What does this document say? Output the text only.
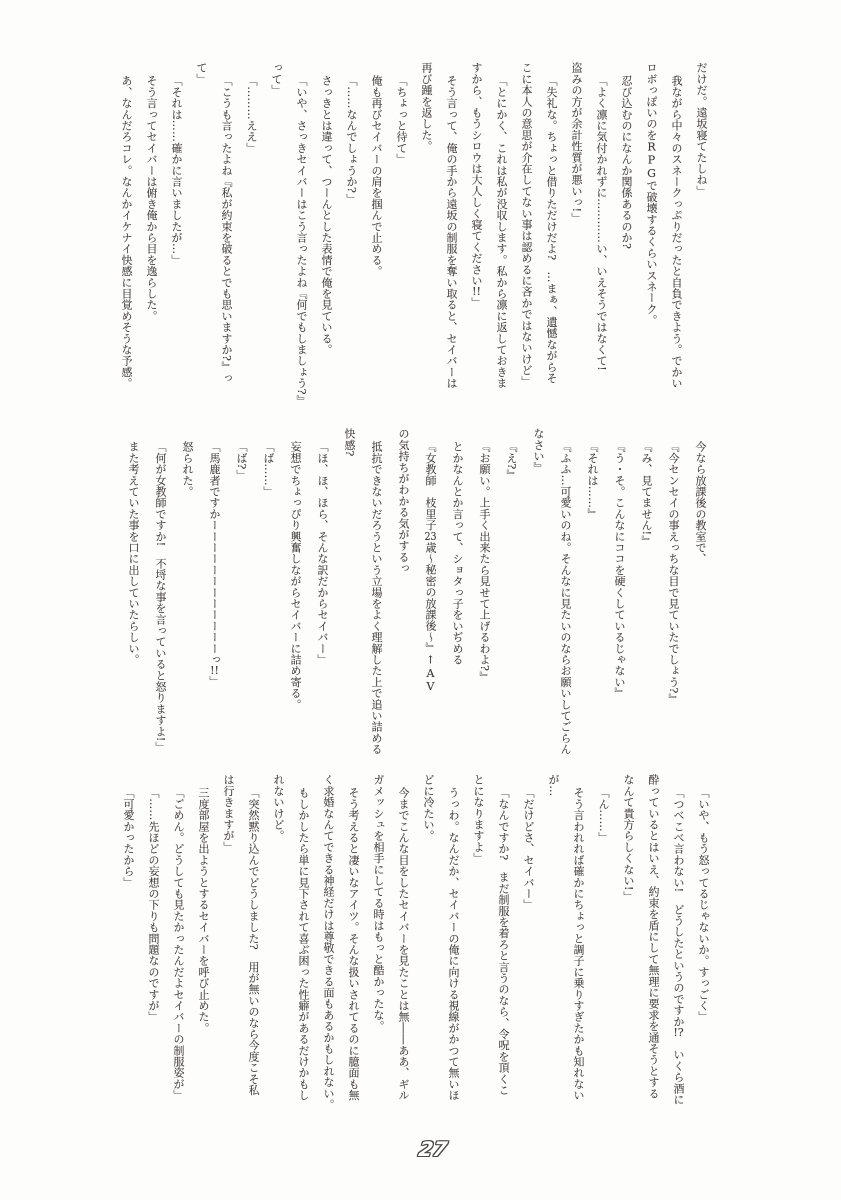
だけだ。遠坂寝てたしね」

我ながら中々のスネークっぷりだったと自負できよう。でかい

ロボっぽいのをRPGで破壊するくらいスネーク。

忍び込むのになんか関係あるのか?

「よく凛に気付かれずに…………い、いえそうではなくて!

盗みの方が余計性質が悪いっ!」

「失礼な。ちょっと借りただけだよ?　…まぁ、遺憾ながらそ

こに本人の意思が介在してない事は認めるに吝かではないけど」

「とにかく、これは私が没収します。私から凛に返しておきま

すから、もうシロウは大人しく寝てください!!」

そう言って、俺の手から遠坂の制服を奪い取ると、セイバーは

再び踵を返した。

「ちょっと待て」

俺も再びセイバーの肩を掴んで止める。

「……なんでしょうか?」

さっきとは違って、つーんとした表情で俺を見ている。

「いや、さっきセイバーはこう言ったよね『何でもしましょう?』

って」

「………ええ」

「こうも言ったよね『私が約束を破るとでも思いますか?』っ

て」

「それは……確かに言いましたが…」

そう言ってセイバーは俯き俺から目を逸らした。

あ、なんだろコレ。なんかイケナイ快感に目覚めそうな予感。

今なら放課後の教室で、

『今センセイの事えっちな目で見ていたでしょう?』

『み、見てません!』

『う・そ。こんなにココを硬くしているじゃない』

『それは……』

『ふふ…可愛いのね。そんなに見たいのならお願いしてごらん

なさい』

『え?』

『お願い。上手く出来たら見せて上げるわよ?』

とかなんとか言って、ショタっ子をいぢめる

『女教師　枝里子23歳〜秘密の放課後〜』↑AV

の気持ちがわかる気がするっ

抵抗できないだろうという立場をよく理解した上で追い詰める

快感?

「ほ、ほ、ほら、そんな訳だからセイバー」

妄想でちょっぴり興奮しながらセイバーに詰め寄る。

「ば……」

「ば?」

「馬鹿者ですかーーーーーーーーーーーーっ!!」

怒られた。

「何が女教師ですか!　不埒な事を言っていると怒りますよ!」

また考えていた事を口に出していたらしい。

「いや、もう怒ってるじゃないか。すっごく」

「つべこべ言わない!　どうしたというのですか!?　いくら酒に

酔っているとはいえ、約束を盾にして無理に要求を通そうとする

なんて貴方らしくない!」

「ん……」

そう言われれば確かにちょっと調子に乗りすぎたかも知れない

が…

「だけどさ、セイバー」

「なんですか?　まだ制服を着ろと言うのなら、令呪を頂くこ

とになりますよ」

うっわ。なんだか、セイバーの俺に向ける視線がかつて無いほ

どに冷たい。

今までこんな目をしたセイバーを見たことは無――ああ、ギル

ガメッシュを相手にしてる時はもっと酷かったな。

そう考えると凄いなアイツ。そんな扱いされてるのに臆面も無

く求婚なんてできる神経だけは尊敬できる面もあるかもしれない。

もしかしたら単に見下されて喜ぶ困った性癖があるだけかもし

れないけど。

「突然黙り込んでどうしました?　用が無いのなら今度こそ私

は行きますが」

三度部屋を出ようとするセイバーを呼び止めた。

「ごめん。どうしても見たかったんだよセイバーの制服姿が」

「……先ほどの妄想の下りも問題なのですが」

「可愛かったから」

27
